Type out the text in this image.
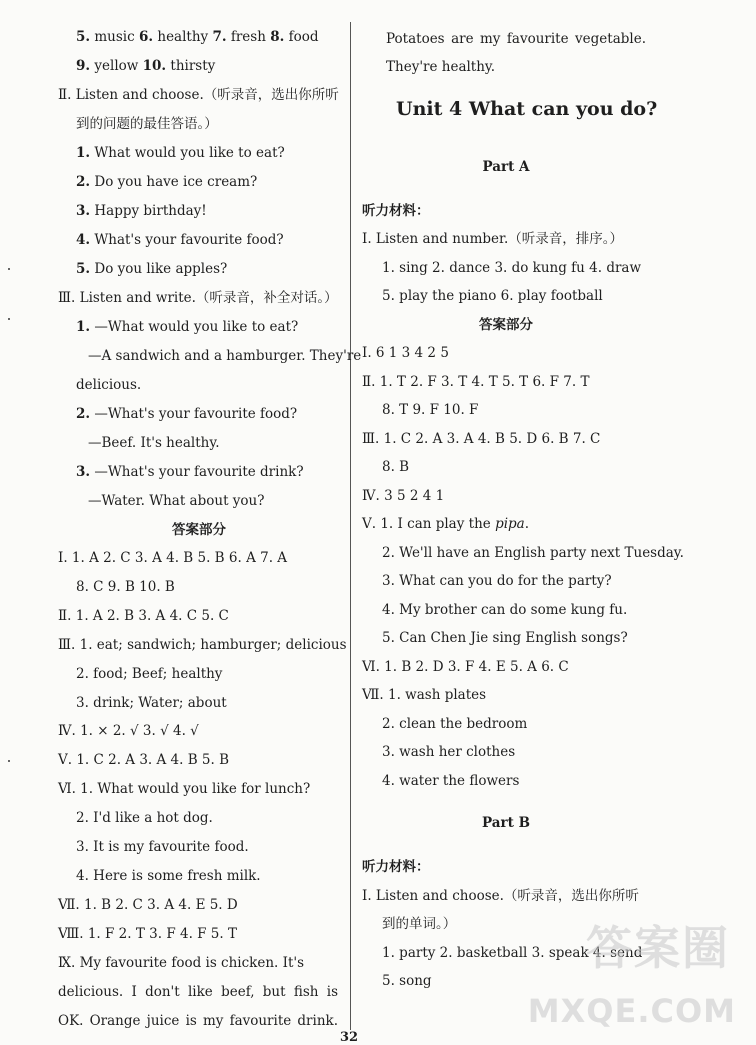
5. music 6. healthy 7. fresh 8. food
9. yellow 10. thirsty
Ⅱ. Listen and choose.（听录音，选出你所听
到的问题的最佳答语。）
1. What would you like to eat?
2. Do you have ice cream?
3. Happy birthday!
4. What's your favourite food?
5. Do you like apples?
Ⅲ. Listen and write.（听录音，补全对话。）
1. —What would you like to eat?
—A sandwich and a hamburger. They're
delicious.
2. —What's your favourite food?
—Beef. It's healthy.
3. —What's your favourite drink?
—Water. What about you?
答案部分
Ⅰ. 1. A 2. C 3. A 4. B 5. B 6. A 7. A
8. C 9. B 10. B
Ⅱ. 1. A 2. B 3. A 4. C 5. C
Ⅲ. 1. eat; sandwich; hamburger; delicious
2. food; Beef; healthy
3. drink; Water; about
Ⅳ. 1. × 2. √ 3. √ 4. √
Ⅴ. 1. C 2. A 3. A 4. B 5. B
Ⅵ. 1. What would you like for lunch?
2. I'd like a hot dog.
3. It is my favourite food.
4. Here is some fresh milk.
Ⅶ. 1. B 2. C 3. A 4. E 5. D
Ⅷ. 1. F 2. T 3. F 4. F 5. T
Ⅸ. My favourite food is chicken. It's
delicious. I don't like beef, but fish is
OK. Orange juice is my favourite drink.
Potatoes are my favourite vegetable.
They're healthy.
Unit 4 What can you do?
Part A
听力材料：
Ⅰ. Listen and number.（听录音，排序。）
1. sing 2. dance 3. do kung fu 4. draw
5. play the piano 6. play football
答案部分
Ⅰ. 6 1 3 4 2 5
Ⅱ. 1. T 2. F 3. T 4. T 5. T 6. F 7. T
8. T 9. F 10. F
Ⅲ. 1. C 2. A 3. A 4. B 5. D 6. B 7. C
8. B
Ⅳ. 3 5 2 4 1
Ⅴ. 1. I can play the pipa.
2. We'll have an English party next Tuesday.
3. What can you do for the party?
4. My brother can do some kung fu.
5. Can Chen Jie sing English songs?
Ⅵ. 1. B 2. D 3. F 4. E 5. A 6. C
Ⅶ. 1. wash plates
2. clean the bedroom
3. wash her clothes
4. water the flowers
Part B
听力材料：
Ⅰ. Listen and choose.（听录音，选出你所听
到的单词。）
1. party 2. basketball 3. speak 4. send
5. song
答案圈
MXQE.COM
32
